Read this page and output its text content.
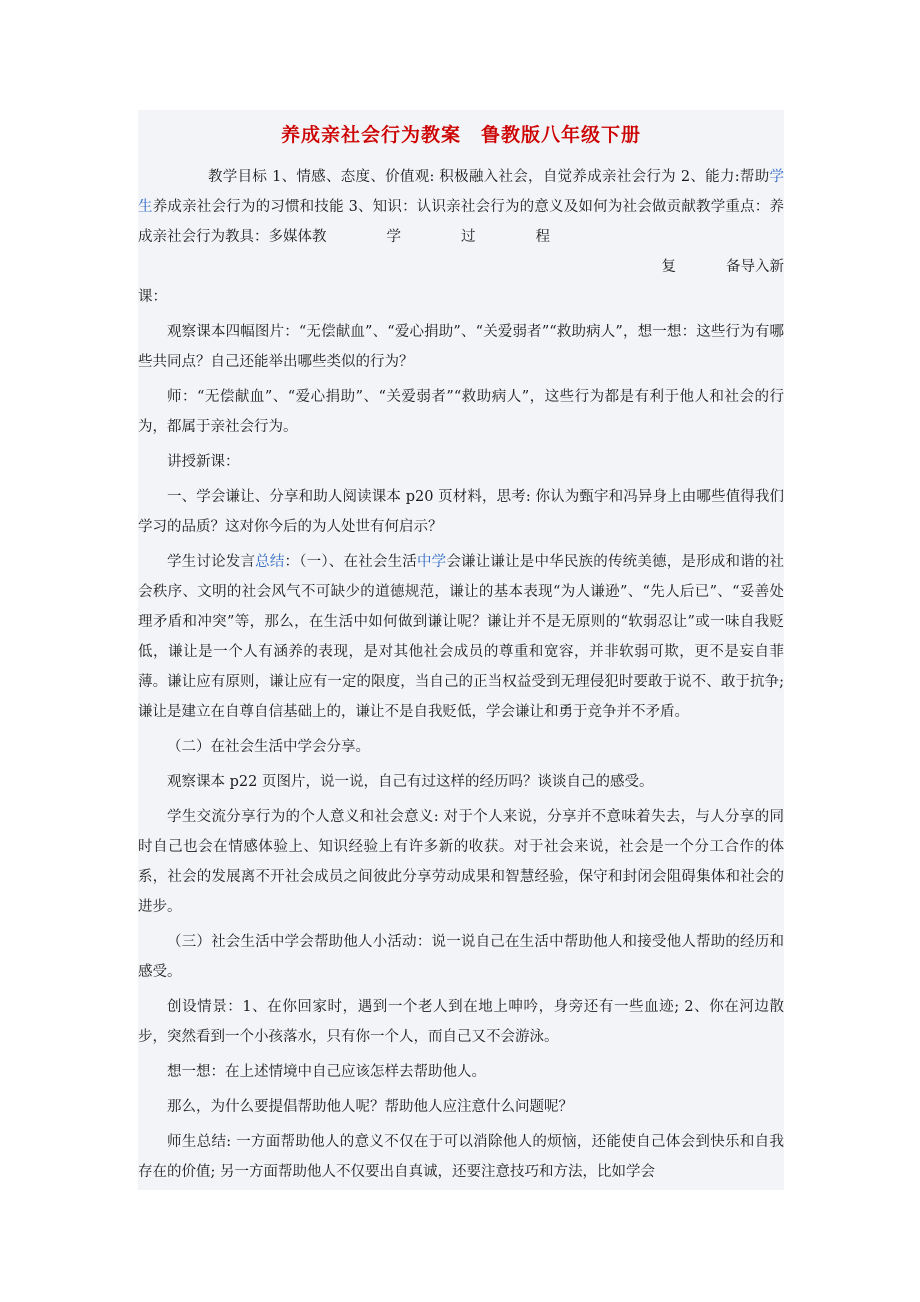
养成亲社会行为教案　鲁教版八年级下册

教学目标 1、情感、态度、价值观: 积极融入社会，自觉养成亲社会行为 2、能力:帮助学生养成亲社会行为的习惯和技能 3、知识：认识亲社会行为的意义及如何为社会做贡献教学重点：养成亲社会行为教具：多媒体教	学	过	程
复	备导入新
课：

观察课本四幅图片：“无偿献血”、“爱心捐助”、“关爱弱者”“救助病人”，想一想：这些行为有哪些共同点？自己还能举出哪些类似的行为？

师：“无偿献血”、“爱心捐助”、“关爱弱者”“救助病人”，这些行为都是有利于他人和社会的行为，都属于亲社会行为。

讲授新课：

一、学会谦让、分享和助人阅读课本 p20 页材料，思考: 你认为甄宇和冯异身上由哪些值得我们学习的品质？这对你今后的为人处世有何启示？

学生讨论发言总结：（一）、在社会生活中学会谦让谦让是中华民族的传统美德，是形成和谐的社会秩序、文明的社会风气不可缺少的道德规范，谦让的基本表现“为人谦逊”、“先人后已”、“妥善处理矛盾和冲突”等，那么，在生活中如何做到谦让呢？谦让并不是无原则的“软弱忍让”或一味自我贬低，谦让是一个人有涵养的表现，是对其他社会成员的尊重和宽容，并非软弱可欺，更不是妄自菲薄。谦让应有原则，谦让应有一定的限度，当自己的正当权益受到无理侵犯时要敢于说不、敢于抗争; 谦让是建立在自尊自信基础上的，谦让不是自我贬低，学会谦让和勇于竞争并不矛盾。

（二）在社会生活中学会分享。

观察课本 p22 页图片，说一说，自己有过这样的经历吗？谈谈自己的感受。

学生交流分享行为的个人意义和社会意义: 对于个人来说，分享并不意味着失去，与人分享的同时自己也会在情感体验上、知识经验上有许多新的收获。对于社会来说，社会是一个分工合作的体系，社会的发展离不开社会成员之间彼此分享劳动成果和智慧经验，保守和封闭会阻碍集体和社会的进步。

（三）社会生活中学会帮助他人小活动：说一说自己在生活中帮助他人和接受他人帮助的经历和感受。

创设情景：1、在你回家时，遇到一个老人到在地上呻吟，身旁还有一些血迹; 2、你在河边散步，突然看到一个小孩落水，只有你一个人，而自己又不会游泳。

想一想：在上述情境中自己应该怎样去帮助他人。

那么，为什么要提倡帮助他人呢？帮助他人应注意什么问题呢？

师生总结: 一方面帮助他人的意义不仅在于可以消除他人的烦恼，还能使自己体会到快乐和自我存在的价值; 另一方面帮助他人不仅要出自真诚，还要注意技巧和方法，比如学会
